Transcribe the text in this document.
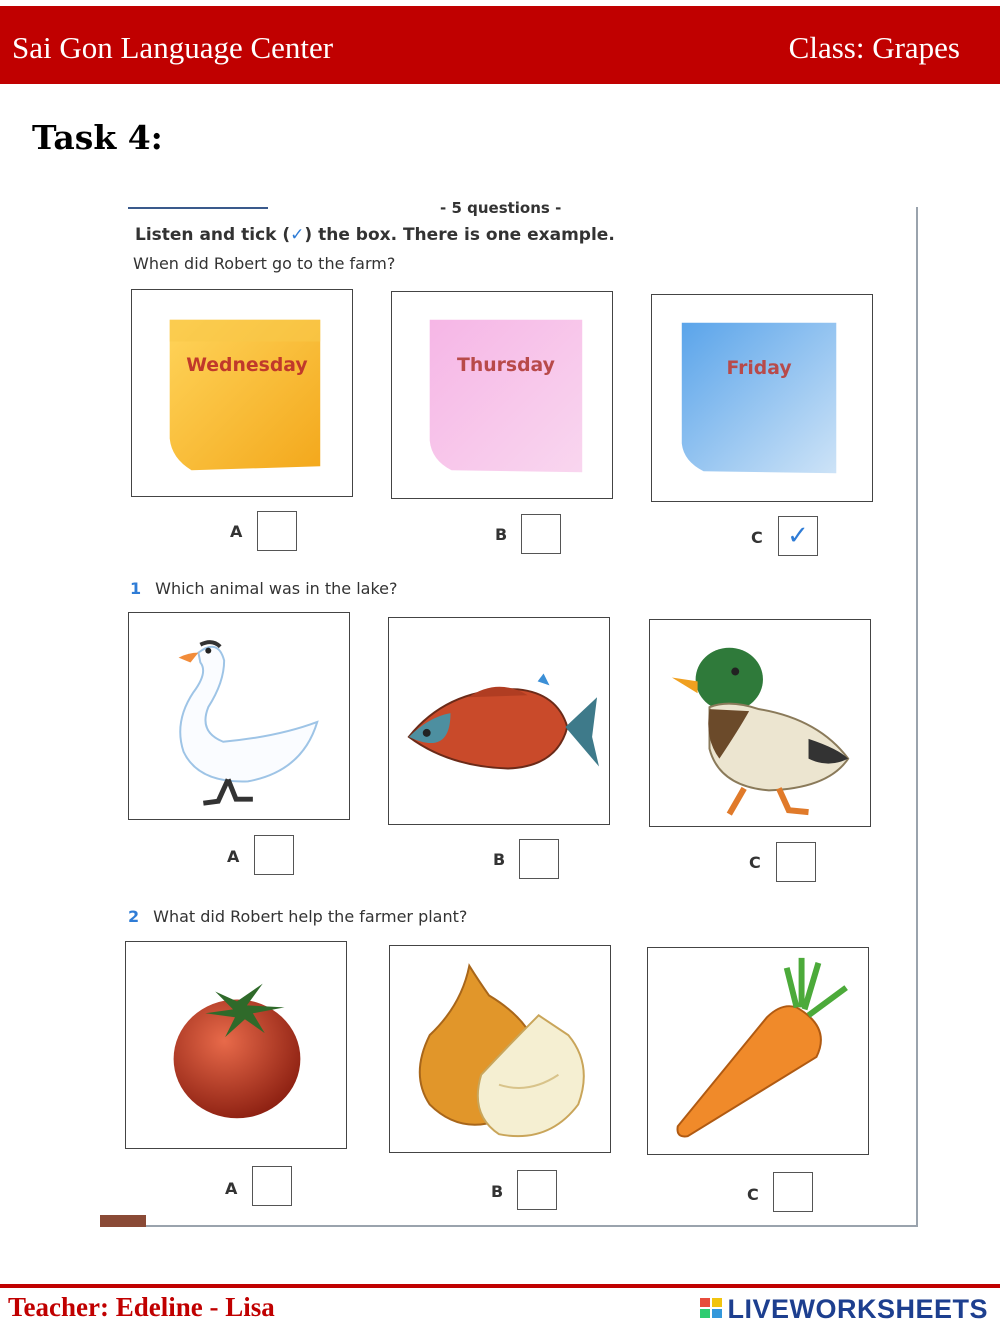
Sai Gon Language Center	Class: Grapes
Task 4:
- 5 questions -
Listen and tick (✓) the box. There is one example.
When did Robert go to the farm?
Wednesday	Thursday	Friday
A	B	C ✓
1 Which animal was in the lake?
A	B	C
2 What did Robert help the farmer plant?
A	B	C
Teacher: Edeline - Lisa	LIVEWORKSHEETS
